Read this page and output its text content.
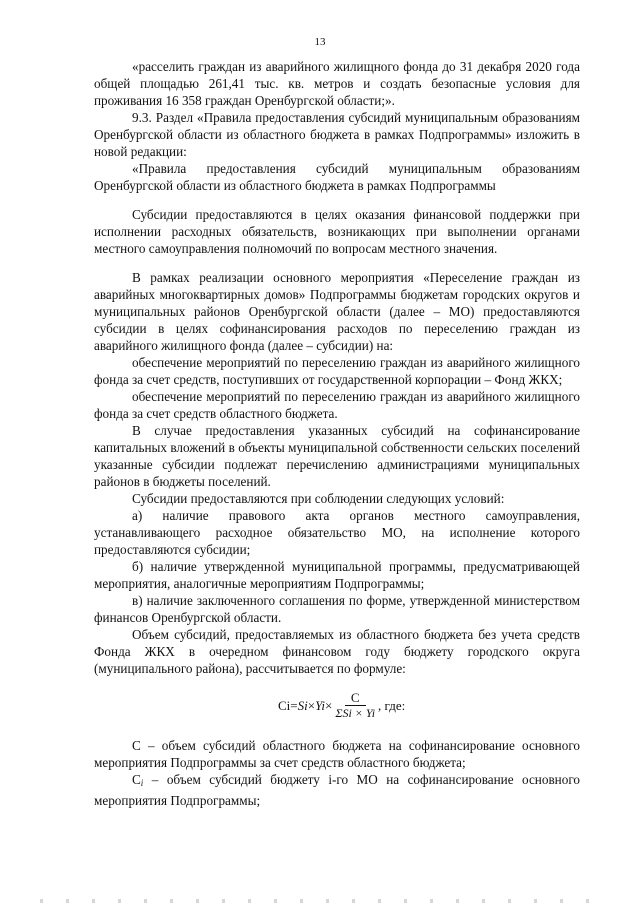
13

«расселить граждан из аварийного жилищного фонда до 31 декабря 2020 года общей площадью 261,41 тыс. кв. метров и создать безопасные условия для проживания 16 358 граждан Оренбургской области;».

9.3. Раздел «Правила предоставления субсидий муниципальным образованиям Оренбургской области из областного бюджета в рамках Подпрограммы» изложить в новой редакции:

«Правила предоставления субсидий муниципальным образованиям Оренбургской области из областного бюджета в рамках Подпрограммы

Субсидии предоставляются в целях оказания финансовой поддержки при исполнении расходных обязательств, возникающих при выполнении органами местного самоуправления полномочий по вопросам местного значения.

В рамках реализации основного мероприятия «Переселение граждан из аварийных многоквартирных домов» Подпрограммы бюджетам городских округов и муниципальных районов Оренбургской области (далее – МО) предоставляются субсидии в целях софинансирования расходов по переселению граждан из аварийного жилищного фонда (далее – субсидии) на:

обеспечение мероприятий по переселению граждан из аварийного жилищного фонда за счет средств, поступивших от государственной корпорации – Фонд ЖКХ;

обеспечение мероприятий по переселению граждан из аварийного жилищного фонда за счет средств областного бюджета.

В случае предоставления указанных субсидий на софинансирование капитальных вложений в объекты муниципальной собственности сельских поселений указанные субсидии подлежат перечислению администрациями муниципальных районов в бюджеты поселений.

Субсидии предоставляются при соблюдении следующих условий:

а) наличие правового акта органов местного самоуправления, устанавливающего расходное обязательство МО, на исполнение которого предоставляются субсидии;

б) наличие утвержденной муниципальной программы, предусматривающей мероприятия, аналогичные мероприятиям Подпрограммы;

в) наличие заключенного соглашения по форме, утвержденной министерством финансов Оренбургской области.

Объем субсидий, предоставляемых из областного бюджета без учета средств Фонда ЖКХ в очередном финансовом году бюджету городского округа (муниципального района), рассчитывается по формуле:

$Ci = Si \times Yi \times \frac{C}{\text{ΣSi × Yi}}$ , где:

C – объем субсидий областного бюджета на софинансирование основного мероприятия Подпрограммы за счет средств областного бюджета;

$C_i$ – объем субсидий бюджету i-го МО на софинансирование основного мероприятия Подпрограммы;
